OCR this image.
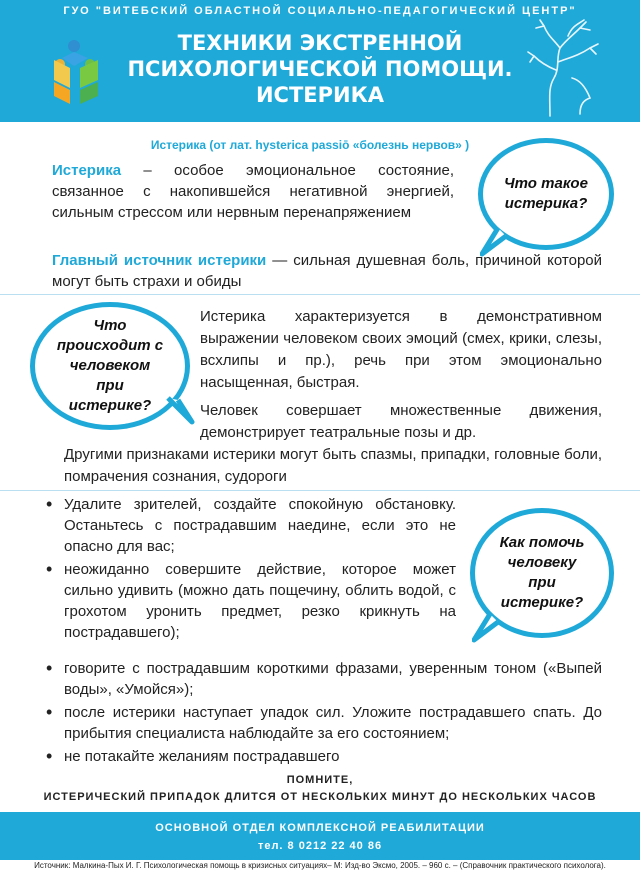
ГУО "ВИТЕБСКИЙ ОБЛАСТНОЙ СОЦИАЛЬНО-ПЕДАГОГИЧЕСКИЙ ЦЕНТР"
ТЕХНИКИ ЭКСТРЕННОЙ ПСИХОЛОГИЧЕСКОЙ ПОМОЩИ. ИСТЕРИКА
Истерика (от лат. hysterica passiō «болезнь нервов» )

Истерика – особое эмоциональное состояние, связанное с накопившейся негативной энергией, сильным стрессом или нервным перенапряжением

Главный источник истерики — сильная душевная боль, причиной которой могут быть страхи и обиды

Что такое истерика?
Что происходит с человеком при истерике?

Истерика характеризуется в демонстративном выражении человеком своих эмоций (смех, крики, слезы, всхлипы и пр.), речь при этом эмоционально насыщенная, быстрая.

Человек совершает множественные движения, демонстрирует театральные позы и др.

Другими признаками истерики могут быть спазмы, припадки, головные боли, помрачения сознания, судороги

• Удалите зрителей, создайте спокойную обстановку. Останьтесь с пострадавшим наедине, если это не опасно для вас;
• неожиданно совершите действие, которое может сильно удивить (можно дать пощечину, облить водой, с грохотом уронить предмет, резко крикнуть на пострадавшего);
• говорите с пострадавшим короткими фразами, уверенным тоном («Выпей воды», «Умойся»);
• после истерики наступает упадок сил. Уложите пострадавшего спать. До прибытия специалиста наблюдайте за его состоянием;
• не потакайте желаниям пострадавшего
Как помочь человеку при истерике?
ПОМНИТЕ,
ИСТЕРИЧЕСКИЙ ПРИПАДОК ДЛИТСЯ ОТ НЕСКОЛЬКИХ МИНУТ ДО НЕСКОЛЬКИХ ЧАСОВ
ОСНОВНОЙ ОТДЕЛ КОМПЛЕКСНОЙ РЕАБИЛИТАЦИИ
тел. 8 0212 22 40 86
Источник: Малкина-Пых И. Г. Психологическая помощь в кризисных ситуациях– М: Изд-во Эксмо, 2005. – 960 с. – (Справочник практического психолога).
